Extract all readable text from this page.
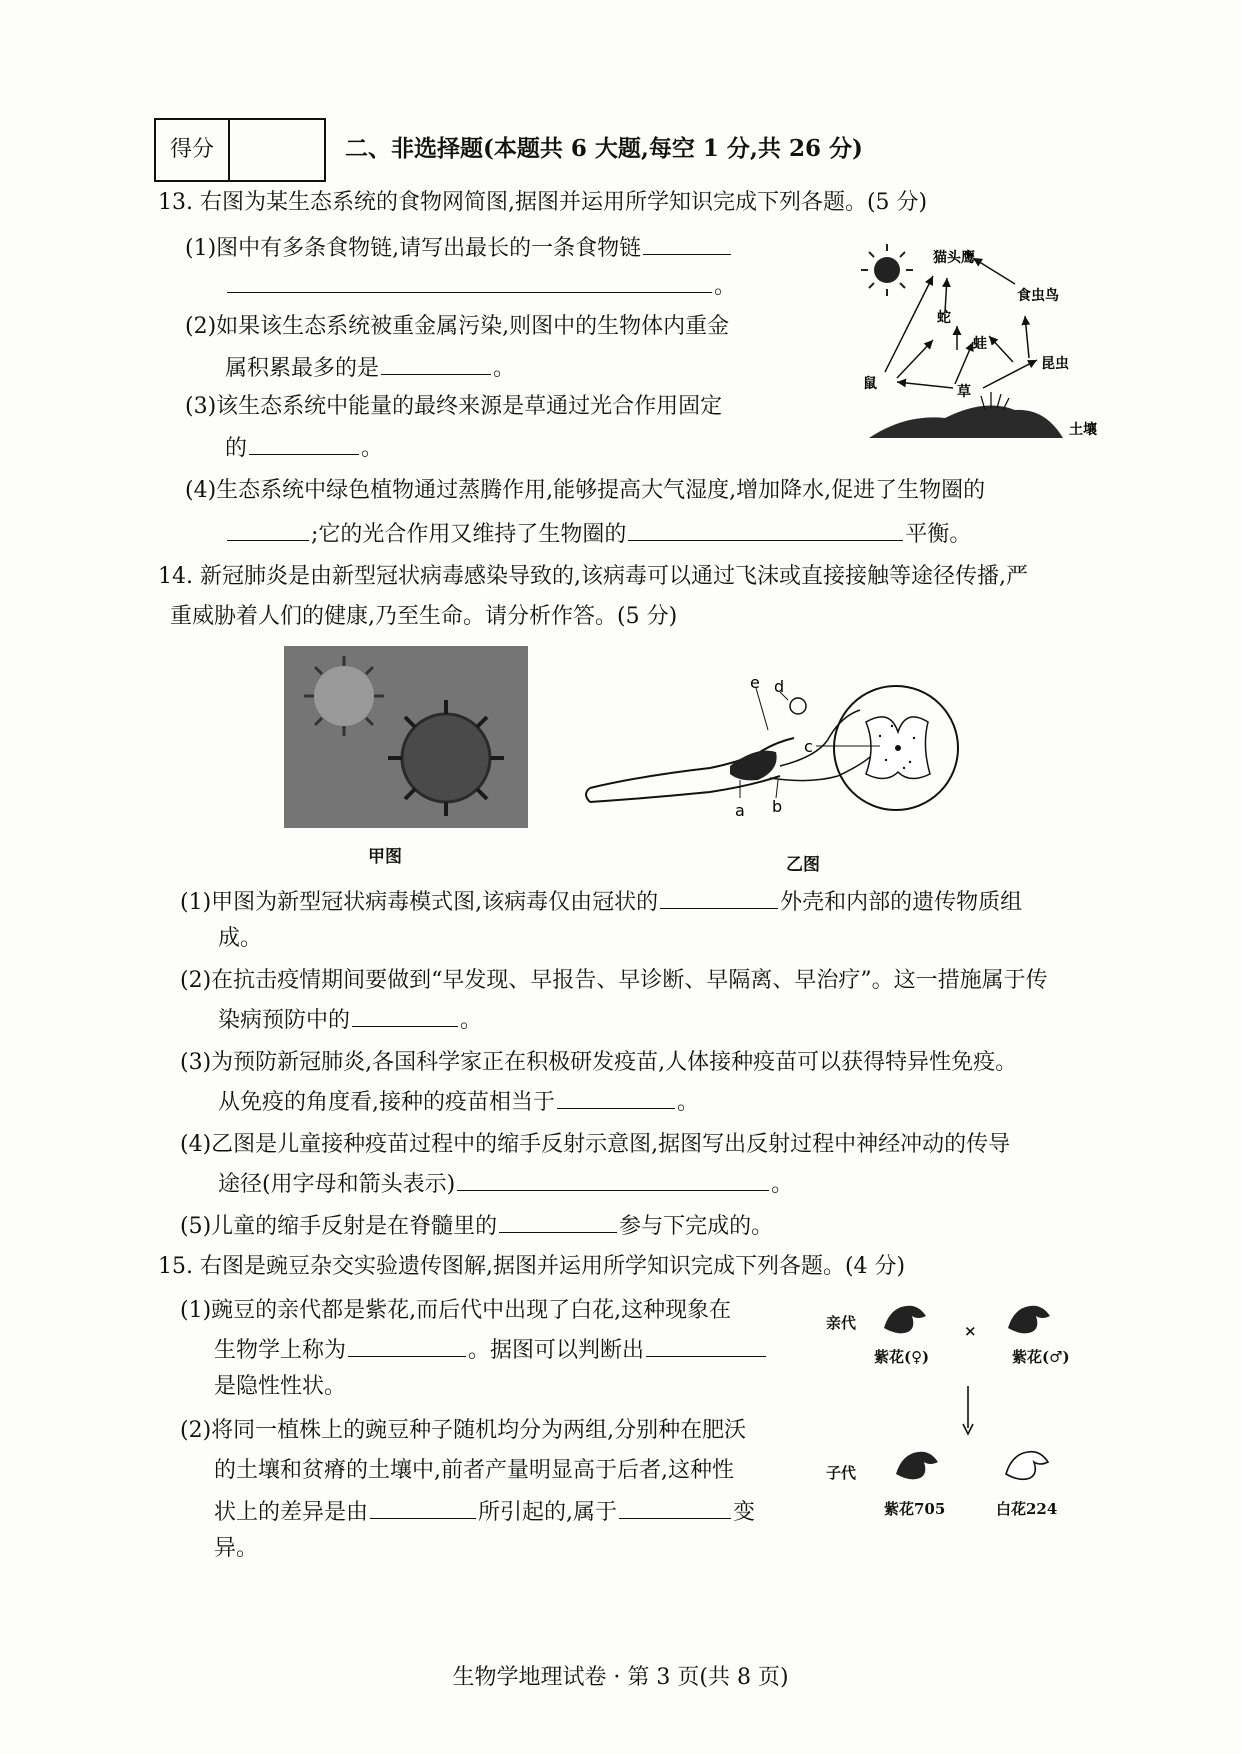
得分	二、非选择题(本题共 6 大题,每空 1 分,共 26 分)
13. 右图为某生态系统的食物网简图,据图并运用所学知识完成下列各题。(5 分)
(1)图中有多条食物链,请写出最长的一条食物链
。
(2)如果该生态系统被重金属污染,则图中的生物体内重金
属积累最多的是	。
(3)该生态系统中能量的最终来源是草通过光合作用固定
的	。
(4)生态系统中绿色植物通过蒸腾作用,能够提高大气湿度,增加降水,促进了生物圈的
;它的光合作用又维持了生物圈的	平衡。
猫头鹰
食虫鸟
蛇
蛙
鼠
昆虫
草
土壤
14. 新冠肺炎是由新型冠状病毒感染导致的,该病毒可以通过飞沫或直接接触等途径传播,严
重威胁着人们的健康,乃至生命。请分析作答。(5 分)
甲图
a b
c
d
e
乙图
(1)甲图为新型冠状病毒模式图,该病毒仅由冠状的	外壳和内部的遗传物质组
成。
(2)在抗击疫情期间要做到“早发现、早报告、早诊断、早隔离、早治疗”。这一措施属于传
染病预防中的	。
(3)为预防新冠肺炎,各国科学家正在积极研发疫苗,人体接种疫苗可以获得特异性免疫。
从免疫的角度看,接种的疫苗相当于	。
(4)乙图是儿童接种疫苗过程中的缩手反射示意图,据图写出反射过程中神经冲动的传导
途径(用字母和箭头表示)	。
(5)儿童的缩手反射是在脊髓里的	参与下完成的。
15. 右图是豌豆杂交实验遗传图解,据图并运用所学知识完成下列各题。(4 分)
(1)豌豆的亲代都是紫花,而后代中出现了白花,这种现象在
生物学上称为	。据图可以判断出
是隐性性状。
(2)将同一植株上的豌豆种子随机均分为两组,分别种在肥沃
的土壤和贫瘠的土壤中,前者产量明显高于后者,这种性
状上的差异是由	所引起的,属于	变
异。
亲代
紫花(♀)
×
紫花(♂)
子代
紫花705	白花224
生物学地理试卷 · 第 3 页(共 8 页)
